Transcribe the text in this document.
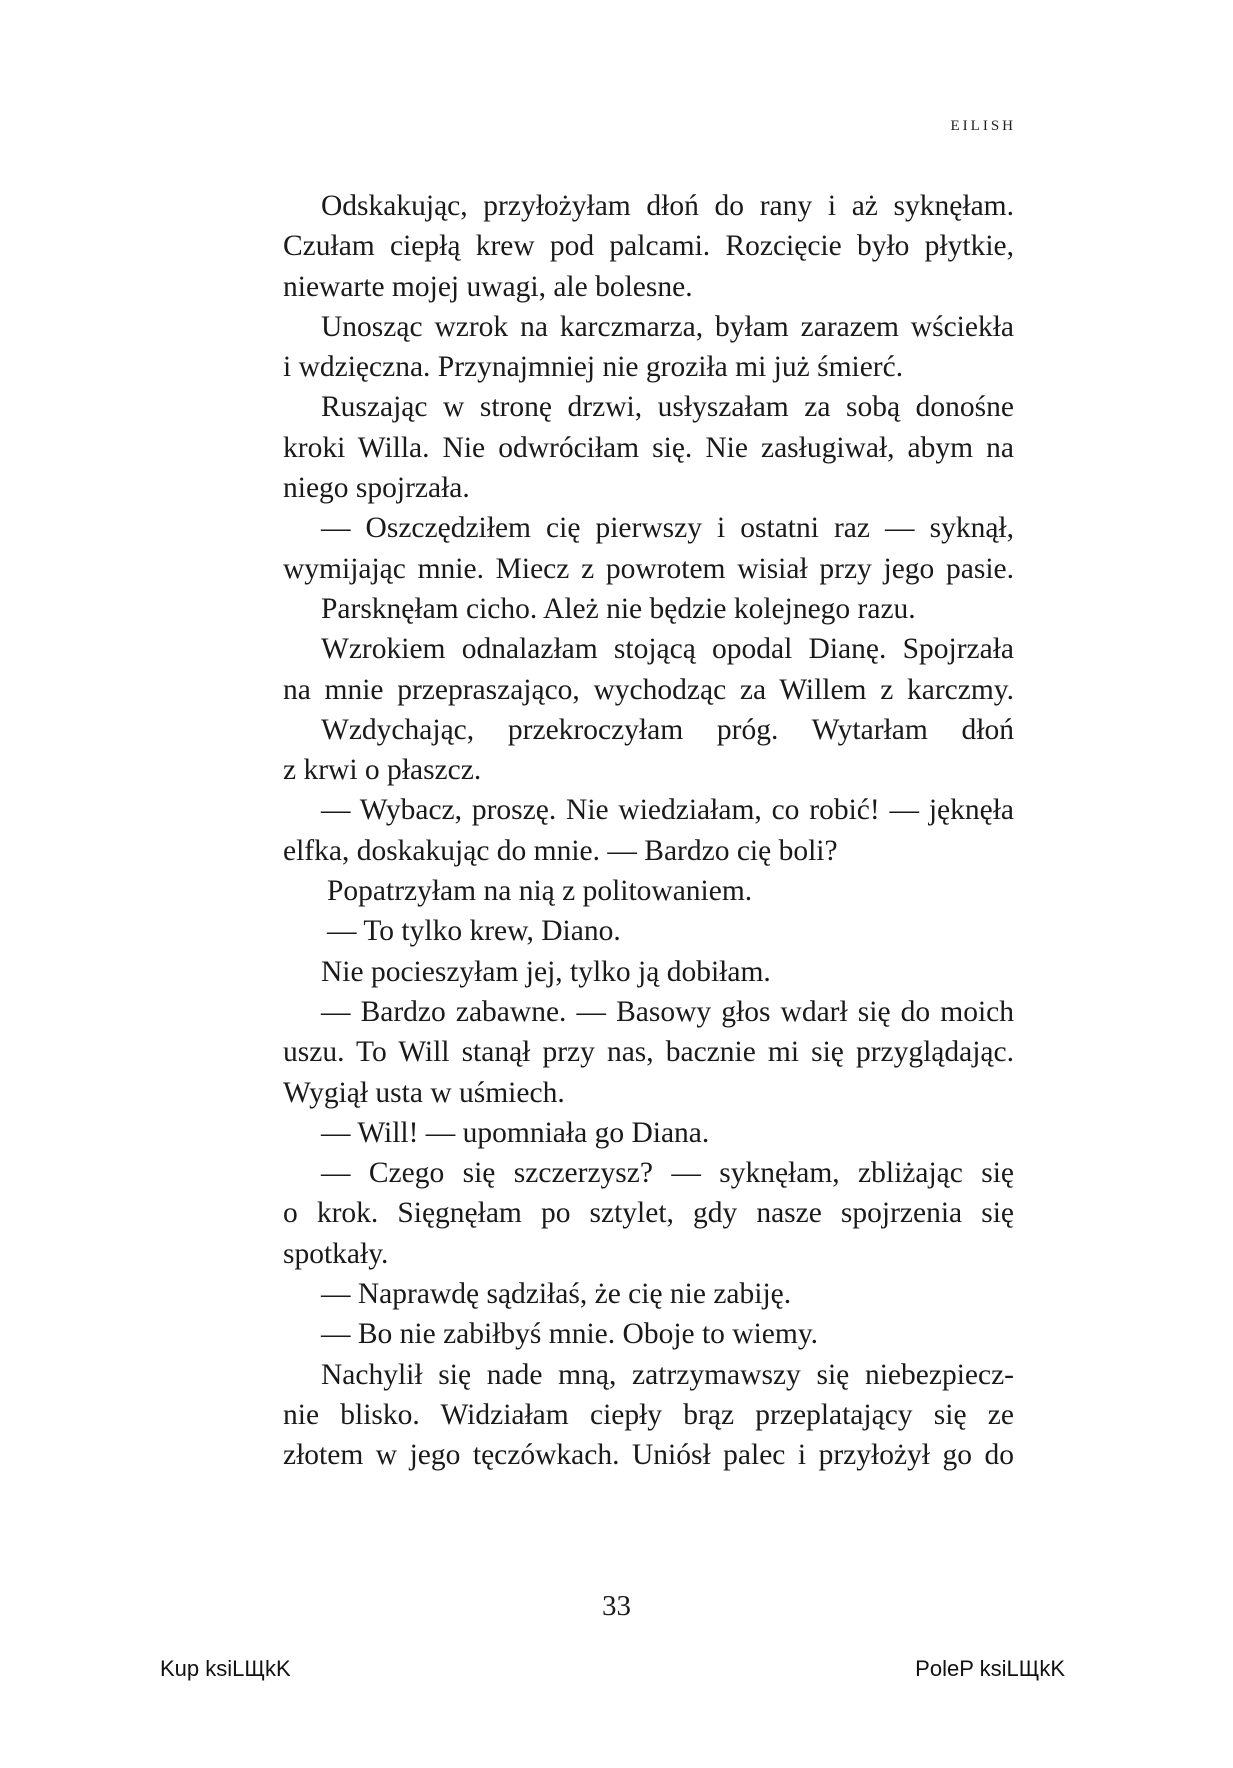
EILISH
Odskakując, przyłożyłam dłoń do rany i aż syknęłam.
Czułam ciepłą krew pod palcami. Rozcięcie było płytkie,
niewarte mojej uwagi, ale bolesne.
Unosząc wzrok na karczmarza, byłam zarazem wściekła
i wdzięczna. Przynajmniej nie groziła mi już śmierć.
Ruszając w stronę drzwi, usłyszałam za sobą donośne
kroki Willa. Nie odwróciłam się. Nie zasługiwał, abym na
niego spojrzała.
— Oszczędziłem cię pierwszy i ostatni raz — syknął,
wymijając mnie. Miecz z powrotem wisiał przy jego pasie.
Parsknęłam cicho. Ależ nie będzie kolejnego razu.
Wzrokiem odnalazłam stojącą opodal Dianę. Spojrzała
na mnie przepraszająco, wychodząc za Willem z karczmy.
Wzdychając, przekroczyłam próg. Wytarłam dłoń
z krwi o płaszcz.
— Wybacz, proszę. Nie wiedziałam, co robić! — jęknęła
elfka, doskakując do mnie. — Bardzo cię boli?
Popatrzyłam na nią z politowaniem.
— To tylko krew, Diano.
Nie pocieszyłam jej, tylko ją dobiłam.
— Bardzo zabawne. — Basowy głos wdarł się do moich
uszu. To Will stanął przy nas, bacznie mi się przyglądając.
Wygiął usta w uśmiech.
— Will! — upomniała go Diana.
— Czego się szczerzysz? — syknęłam, zbliżając się
o krok. Sięgnęłam po sztylet, gdy nasze spojrzenia się
spotkały.
— Naprawdę sądziłaś, że cię nie zabiję.
— Bo nie zabiłbyś mnie. Oboje to wiemy.
Nachylił się nade mną, zatrzymawszy się niebezpiecz-
nie blisko. Widziałam ciepły brąz przeplatający się ze
złotem w jego tęczówkach. Uniósł palec i przyłożył go do
33
Kup ksiLЩkK	PoleP ksiLЩkK
